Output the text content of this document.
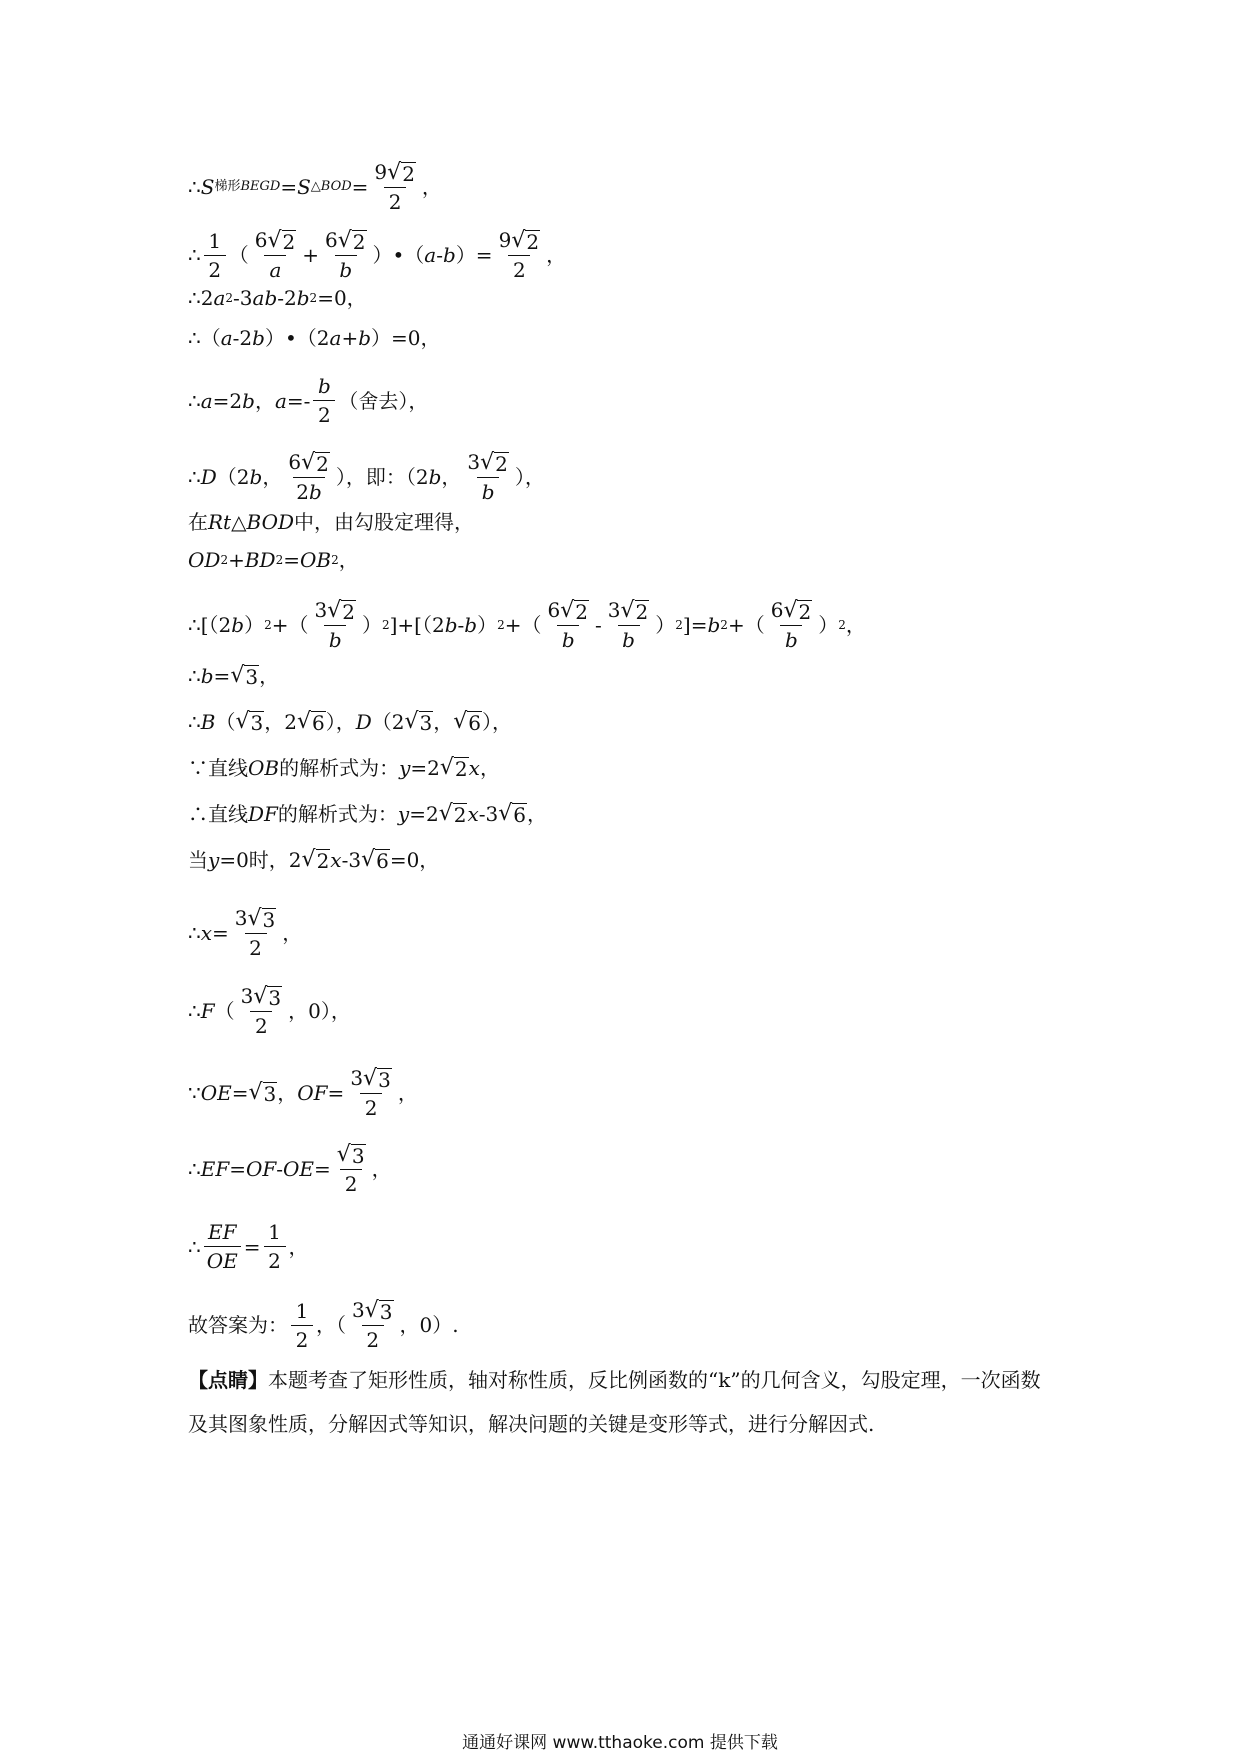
∴ S 梯形 BEGD = S △ BOD = $\frac{9 √ 2}{2}$ ，
∴ $\frac{1}{2}$ （ $\frac{6 √ 2}{a} + \frac{6 √ 2}{b}$ ）•（ a - b ）= $\frac{9 √ 2}{2}$ ，
∴2 a 2 -3 ab -2 b 2 =0，
∴（ a -2 b ）•（2 a + b ）=0，
∴ a =2 b ， $a =- \frac{b}{2}$ （舍去），
∴ D （2 b ， $\frac{6 √ 2}{2b}$ ），即：（ 2 b ， $\frac{3 √ 2}{b}$ ），
在 Rt △ BOD 中，由勾股定理得，
OD 2 + BD 2 = OB 2 ，
∴[（2 b ） 2 +（ $\frac{3 √ 2}{b}$ ） 2 ]+[（2 b - b ） 2 +（ $\frac{6 √ 2}{b} - \frac{3 √ 2}{b}$ ） 2 ]= b 2 +（ $\frac{6 √ 2}{b}$ ） 2 ，
∴ b = √ 3 ，
∴ B （ √ 3 ，2 √ 6 ）， D （2 √ 3 ， √ 6 ），
∵直线 OB 的解析式为： y =2 √ 2 x ，
∴直线 DF 的解析式为： y =2 √ 2 x -3 √ 6 ，
当 y =0 时， 2 √ 2 x -3 √ 6 =0，
∴ $x = \frac{3 √ 3}{2}$ ，
∴ F （ $\frac{3 √ 3}{2}$ ，0），
∵ OE = √ 3 ， OF = $\frac{3 √ 3}{2}$ ，
∴ EF = OF - OE = $\frac{√ 3}{2}$ ，
∴ $\frac{EF}{OE} = \frac{1}{2}$ ，
故答案为： $\frac{1}{2}$ ，（ $\frac{3 √ 3}{2}$ ，0）.
【点睛】本题考查了矩形性质，轴对称性质，反比例函数的“k”的几何含义，勾股定理，一次函数及其图象性质，分解因式等知识，解决问题的关键是变形等式，进行分解因式.
通通好课网 www.tthaoke.com 提供下载
